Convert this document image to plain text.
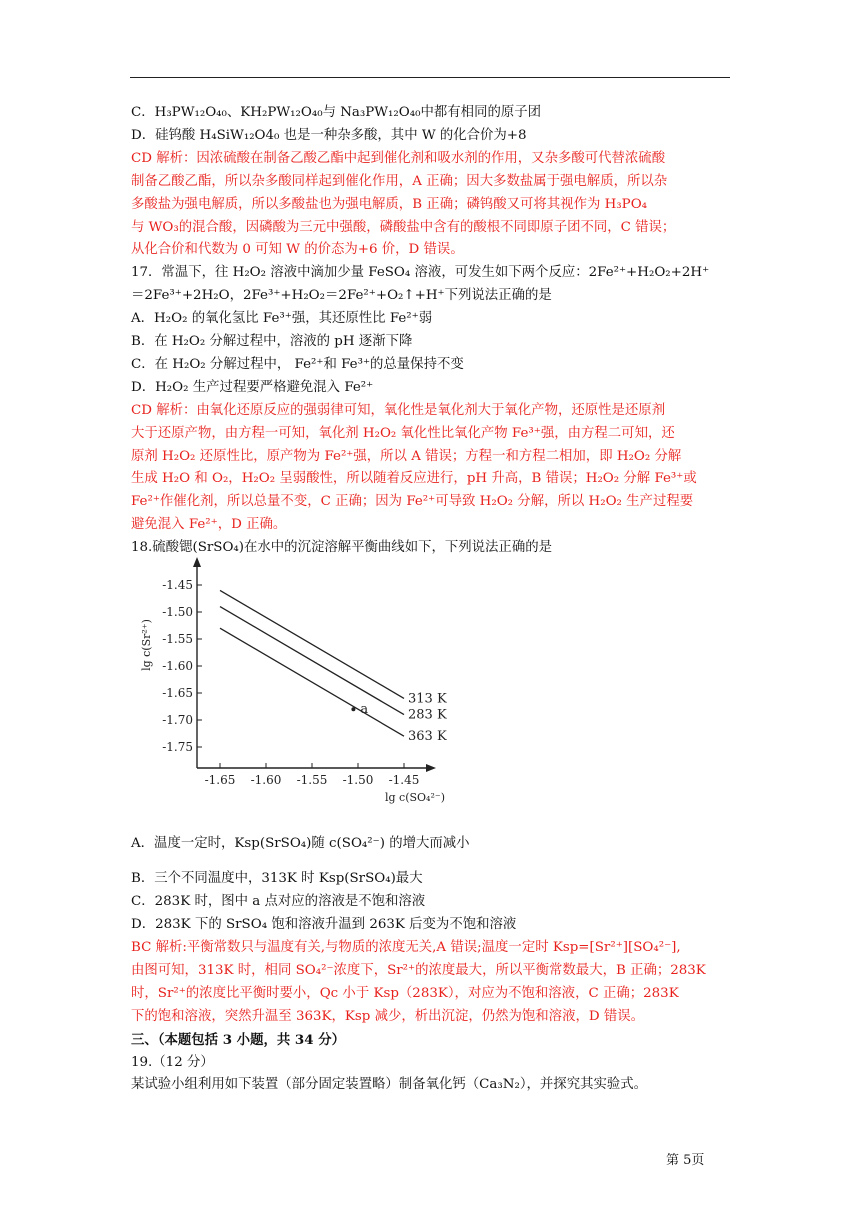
C．H₃PW₁₂O₄₀、KH₂PW₁₂O₄₀与 Na₃PW₁₂O₄₀中都有相同的原子团
D．硅钨酸 H₄SiW₁₂O4₀ 也是一种杂多酸，其中 W 的化合价为+8
CD 解析：因浓硫酸在制备乙酸乙酯中起到催化剂和吸水剂的作用，又杂多酸可代替浓硫酸
制备乙酸乙酯，所以杂多酸同样起到催化作用，A 正确；因大多数盐属于强电解质，所以杂
多酸盐为强电解质，所以多酸盐也为强电解质，B 正确；磷钨酸又可将其视作为 H₃PO₄
与 WO₃的混合酸，因磷酸为三元中强酸，磷酸盐中含有的酸根不同即原子团不同，C 错误；
从化合价和代数为 0 可知 W 的价态为+6 价，D 错误。
17．常温下，往 H₂O₂ 溶液中滴加少量 FeSO₄ 溶液，可发生如下两个反应：2Fe²⁺+H₂O₂+2H⁺
＝2Fe³⁺+2H₂O，2Fe³⁺+H₂O₂＝2Fe²⁺+O₂↑+H⁺下列说法正确的是
A．H₂O₂ 的氧化氢比 Fe³⁺强，其还原性比 Fe²⁺弱
B．在 H₂O₂ 分解过程中，溶液的 pH 逐渐下降
C．在 H₂O₂ 分解过程中， Fe²⁺和 Fe³⁺的总量保持不变
D．H₂O₂ 生产过程要严格避免混入 Fe²⁺
CD 解析：由氧化还原反应的强弱律可知，氧化性是氧化剂大于氧化产物，还原性是还原剂
大于还原产物，由方程一可知，氧化剂 H₂O₂ 氧化性比氧化产物 Fe³⁺强，由方程二可知，还
原剂 H₂O₂ 还原性比，原产物为 Fe²⁺强，所以 A 错误；方程一和方程二相加，即 H₂O₂ 分解
生成 H₂O 和 O₂，H₂O₂ 呈弱酸性，所以随着反应进行，pH 升高，B 错误；H₂O₂ 分解 Fe³⁺或
Fe²⁺作催化剂，所以总量不变，C 正确；因为 Fe²⁺可导致 H₂O₂ 分解，所以 H₂O₂ 生产过程要
避免混入 Fe²⁺，D 正确。
18.硫酸锶(SrSO₄)在水中的沉淀溶解平衡曲线如下，下列说法正确的是
-1.45
-1.50
-1.55
-1.60
-1.65
-1.70
-1.75
-1.65 -1.60 -1.55 -1.50 -1.45
313 K
283 K
363 K
a
lg c(Sr²⁺)
lg c(SO₄²⁻)
A．温度一定时，Ksp(SrSO₄)随 c(SO₄²⁻) 的增大而减小
B．三个不同温度中，313K 时 Ksp(SrSO₄)最大
C．283K 时，图中 a 点对应的溶液是不饱和溶液
D．283K 下的 SrSO₄ 饱和溶液升温到 263K 后变为不饱和溶液
BC 解析:平衡常数只与温度有关,与物质的浓度无关,A 错误;温度一定时 Ksp=[Sr²⁺][SO₄²⁻],
由图可知，313K 时，相同 SO₄²⁻浓度下，Sr²⁺的浓度最大，所以平衡常数最大，B 正确；283K
时，Sr²⁺的浓度比平衡时要小，Qc 小于 Ksp（283K），对应为不饱和溶液，C 正确；283K
下的饱和溶液，突然升温至 363K，Ksp 减少，析出沉淀，仍然为饱和溶液，D 错误。
三、（本题包括 3 小题，共 34 分）
19.（12 分）
某试验小组利用如下装置（部分固定装置略）制备氧化钙（Ca₃N₂），并探究其实验式。
第 5页
